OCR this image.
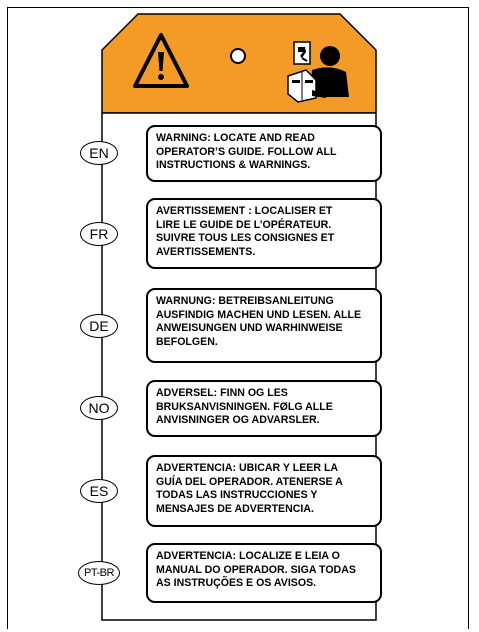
EN
WARNING: LOCATE AND READ
OPERATOR’S GUIDE. FOLLOW ALL
INSTRUCTIONS & WARNINGS.
FR
AVERTISSEMENT : LOCALISER ET
LIRE LE GUIDE DE L’OPÉRATEUR.
SUIVRE TOUS LES CONSIGNES ET
AVERTISSEMENTS.
DE
WARNUNG: BETREIBSANLEITUNG
AUSFINDIG MACHEN UND LESEN. ALLE
ANWEISUNGEN UND WARHINWEISE
BEFOLGEN.
NO
ADVERSEL: FINN OG LES
BRUKSANVISNINGEN. FØLG ALLE
ANVISNINGER OG ADVARSLER.
ES
ADVERTENCIA: UBICAR Y LEER LA
GUÍA DEL OPERADOR. ATENERSE A
TODAS LAS INSTRUCCIONES Y
MENSAJES DE ADVERTENCIA.
PT-BR
ADVERTENCIA: LOCALIZE E LEIA O
MANUAL DO OPERADOR. SIGA TODAS
AS INSTRUÇÕES E OS AVISOS.
